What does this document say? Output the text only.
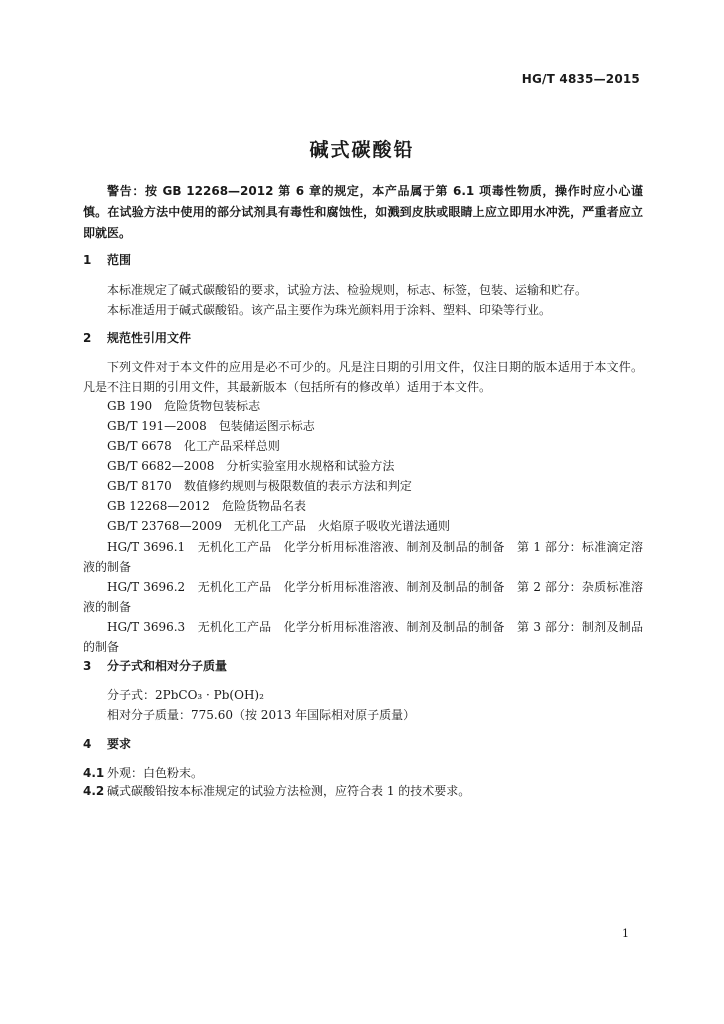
HG/T 4835—2015
碱式碳酸铅
警告：按 GB 12268—2012 第 6 章的规定，本产品属于第 6.1 项毒性物质，操作时应小心谨慎。在试验方法中使用的部分试剂具有毒性和腐蚀性，如溅到皮肤或眼睛上应立即用水冲洗，严重者应立即就医。
1 范围
本标准规定了碱式碳酸铅的要求，试验方法、检验规则，标志、标签，包装、运输和贮存。
本标准适用于碱式碳酸铅。该产品主要作为珠光颜料用于涂料、塑料、印染等行业。
2 规范性引用文件
下列文件对于本文件的应用是必不可少的。凡是注日期的引用文件，仅注日期的版本适用于本文件。凡是不注日期的引用文件，其最新版本（包括所有的修改单）适用于本文件。
GB 190 危险货物包装标志
GB/T 191—2008 包装储运图示标志
GB/T 6678 化工产品采样总则
GB/T 6682—2008 分析实验室用水规格和试验方法
GB/T 8170 数值修约规则与极限数值的表示方法和判定
GB 12268—2012 危险货物品名表
GB/T 23768—2009 无机化工产品　火焰原子吸收光谱法通则
HG/T 3696.1　无机化工产品　化学分析用标准溶液、制剂及制品的制备　第 1 部分：标准滴定溶液的制备
HG/T 3696.2　无机化工产品　化学分析用标准溶液、制剂及制品的制备　第 2 部分：杂质标准溶液的制备
HG/T 3696.3　无机化工产品　化学分析用标准溶液、制剂及制品的制备　第 3 部分：制剂及制品的制备
3 分子式和相对分子质量
分子式：2PbCO₃ · Pb(OH)₂
相对分子质量：775.60（按 2013 年国际相对原子质量）
4 要求
4.1 外观：白色粉末。
4.2 碱式碳酸铅按本标准规定的试验方法检测，应符合表 1 的技术要求。
1
